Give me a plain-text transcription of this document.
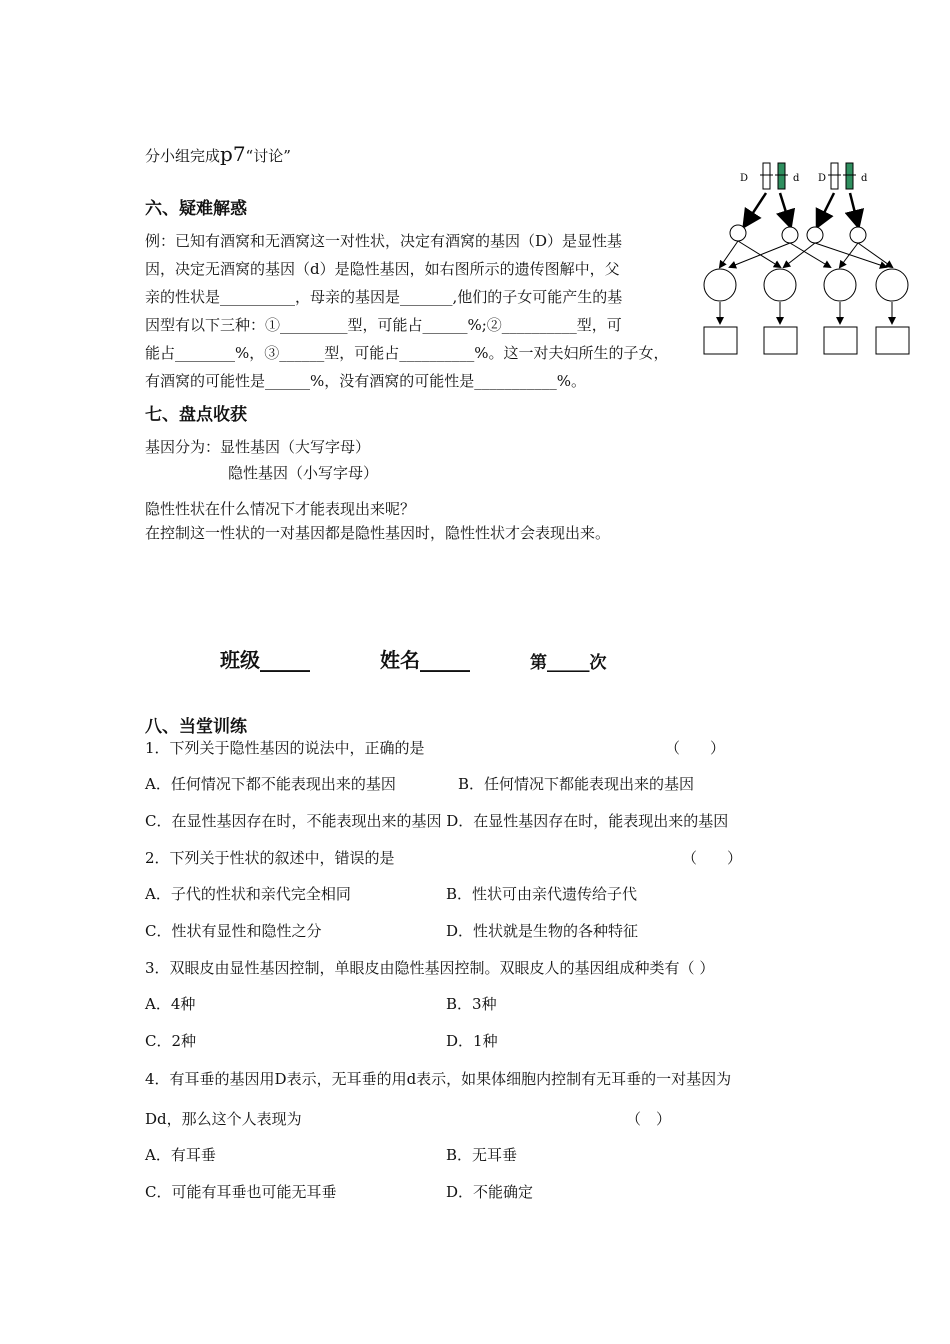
分小组完成p7“讨论”
六、疑难解惑
例：已知有酒窝和无酒窝这一对性状，决定有酒窝的基因（D）是显性基
因，决定无酒窝的基因（d）是隐性基因，如右图所示的遗传图解中，父
亲的性状是__________，母亲的基因是_______,他们的子女可能产生的基
因型有以下三种：①_________型，可能占______%;②__________型，可
能占________%，③______型，可能占__________%。这一对夫妇所生的子女，
有酒窝的可能性是______%，没有酒窝的可能性是___________%。
D	d D	d
七、盘点收获
基因分为：显性基因（大写字母）
隐性基因（小写字母）
隐性性状在什么情况下才能表现出来呢？
在控制这一性状的一对基因都是隐性基因时，隐性性状才会表现出来。
班级_____	姓名_____	第_____次
八、当堂训练
1．下列关于隐性基因的说法中，正确的是	（　　）
A．任何情况下都不能表现出来的基因	B．任何情况下都能表现出来的基因
C．在显性基因存在时，不能表现出来的基因 D．在显性基因存在时，能表现出来的基因
2．下列关于性状的叙述中，错误的是	（　　）
A．子代的性状和亲代完全相同	B．性状可由亲代遗传给子代
C．性状有显性和隐性之分	D．性状就是生物的各种特征
3．双眼皮由显性基因控制，单眼皮由隐性基因控制。双眼皮人的基因组成种类有（ ）
A．4种	B．3种
C．2种	D．1种
4．有耳垂的基因用D表示，无耳垂的用d表示，如果体细胞内控制有无耳垂的一对基因为
Dd，那么这个人表现为	（　）
A．有耳垂	B．无耳垂
C．可能有耳垂也可能无耳垂	D．不能确定
